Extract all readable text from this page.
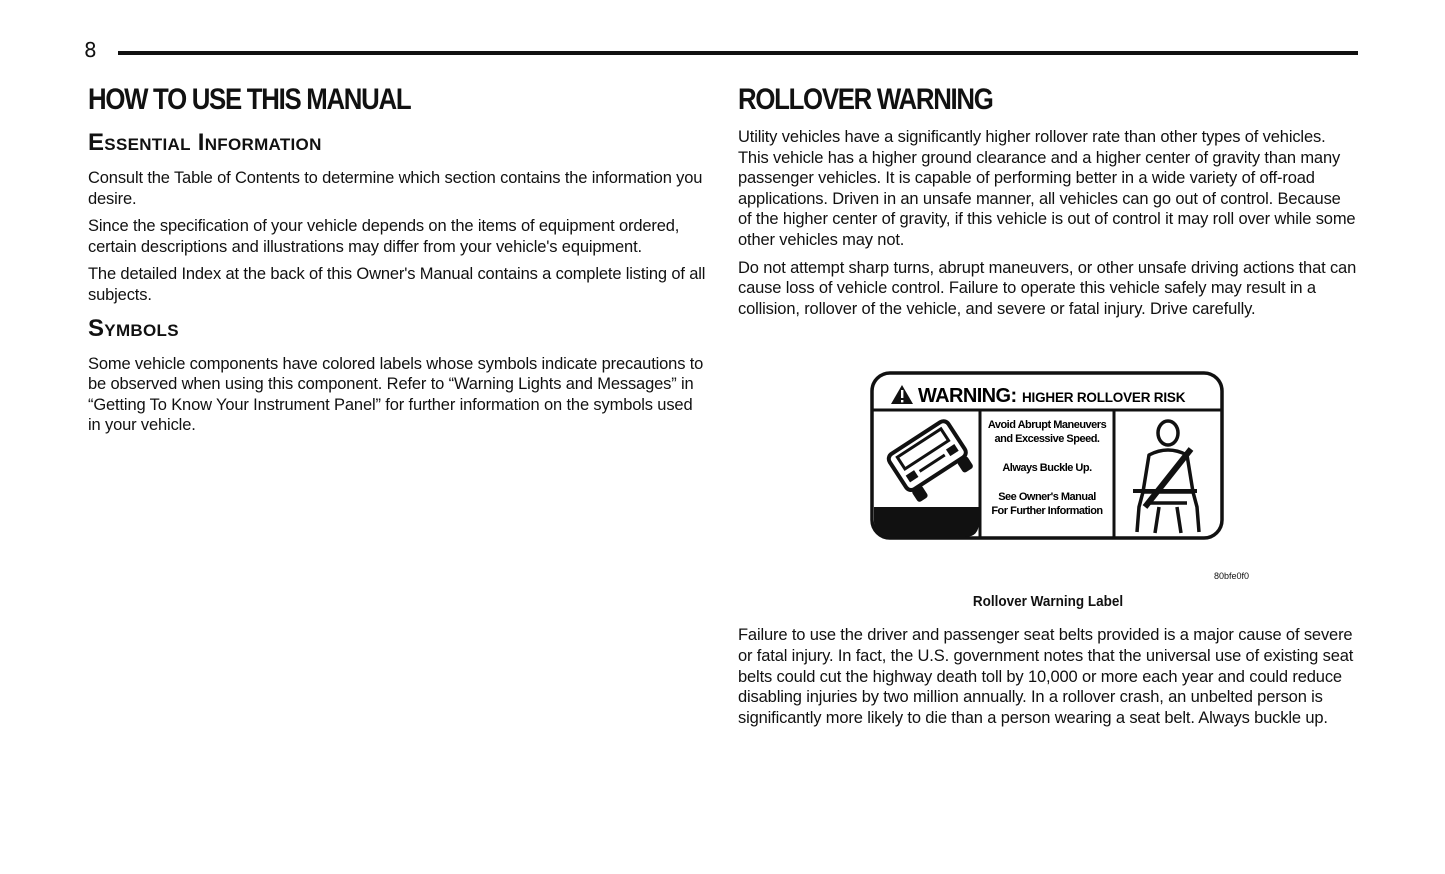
8
HOW TO USE THIS MANUAL
Essential Information

Consult the Table of Contents to determine which section contains the information you desire.

Since the specification of your vehicle depends on the items of equipment ordered, certain descriptions and illustrations may differ from your vehicle's equipment.

The detailed Index at the back of this Owner's Manual contains a complete listing of all subjects.

Symbols

Some vehicle components have colored labels whose symbols indicate precautions to be observed when using this component. Refer to “Warning Lights and Messages” in “Getting To Know Your Instrument Panel” for further information on the symbols used in your vehicle.

ROLLOVER WARNING

Utility vehicles have a significantly higher rollover rate than other types of vehicles. This vehicle has a higher ground clearance and a higher center of gravity than many passenger vehicles. It is capable of performing better in a wide variety of off-road applications. Driven in an unsafe manner, all vehicles can go out of control. Because of the higher center of gravity, if this vehicle is out of control it may roll over while some other vehicles may not.

Do not attempt sharp turns, abrupt maneuvers, or other unsafe driving actions that can cause loss of vehicle control. Failure to operate this vehicle safely may result in a collision, rollover of the vehicle, and severe or fatal injury. Drive carefully.

WARNING: HIGHER ROLLOVER RISK
Avoid Abrupt Maneuvers
and Excessive Speed.
Always Buckle Up.
See Owner's Manual
For Further Information
80bfe0f0
Rollover Warning Label

Failure to use the driver and passenger seat belts provided is a major cause of severe or fatal injury. In fact, the U.S. government notes that the universal use of existing seat belts could cut the highway death toll by 10,000 or more each year and could reduce disabling injuries by two million annually. In a rollover crash, an unbelted person is significantly more likely to die than a person wearing a seat belt. Always buckle up.
